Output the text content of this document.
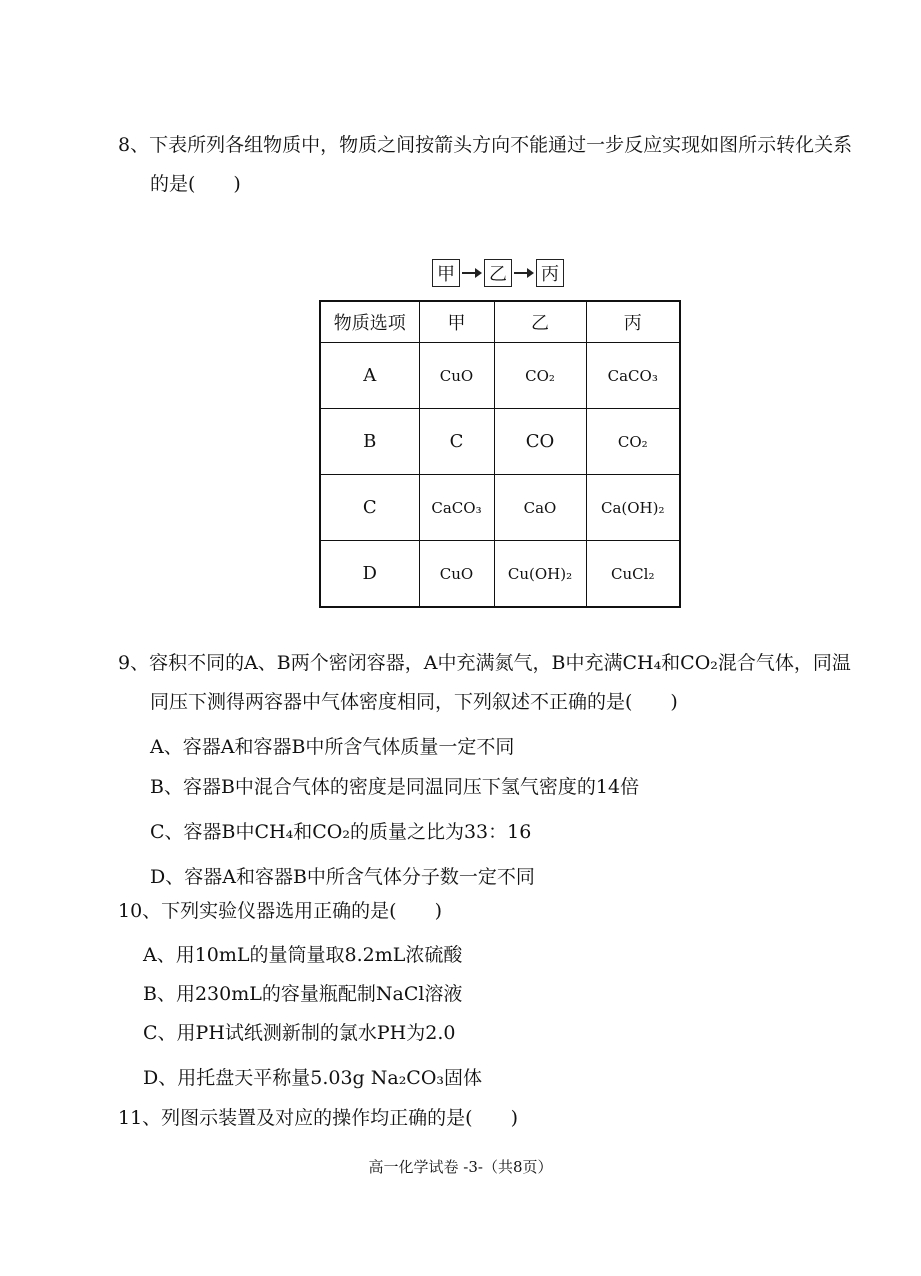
8、下表所列各组物质中，物质之间按箭头方向不能通过一步反应实现如图所示转化关系
的是(　　)
甲 乙 丙
物质选项	甲	乙	丙
A	CuO	CO₂	CaCO₃
B	C	CO	CO₂
C	CaCO₃	CaO	Ca(OH)₂
D	CuO	Cu(OH)₂	CuCl₂
9、容积不同的A、B两个密闭容器，A中充满氮气，B中充满CH₄和CO₂混合气体，同温
同压下测得两容器中气体密度相同，下列叙述不正确的是(　　)
A、容器A和容器B中所含气体质量一定不同
B、容器B中混合气体的密度是同温同压下氢气密度的14倍
C、容器B中CH₄和CO₂的质量之比为33：16
D、容器A和容器B中所含气体分子数一定不同
10、下列实验仪器选用正确的是(　　)
A、用10mL的量筒量取8.2mL浓硫酸
B、用230mL的容量瓶配制NaCl溶液
C、用PH试纸测新制的氯水PH为2.0
D、用托盘天平称量5.03g Na₂CO₃固体
11、列图示装置及对应的操作均正确的是(　　)
高一化学试卷 -3-（共8页）
